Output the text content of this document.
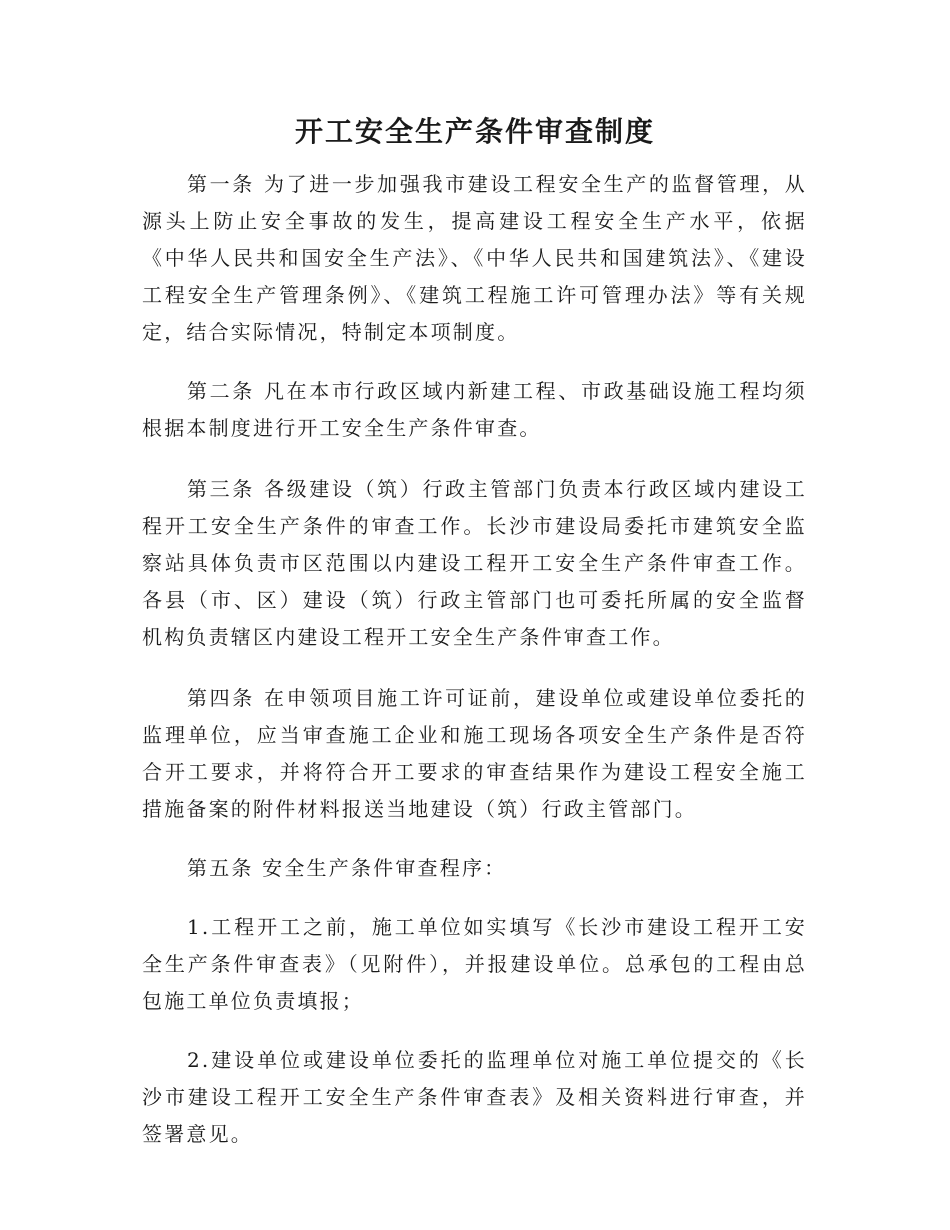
开工安全生产条件审查制度

第一条 为了进一步加强我市建设工程安全生产的监督管理，从源头上防止安全事故的发生，提高建设工程安全生产水平，依据《中华人民共和国安全生产法》、《中华人民共和国建筑法》、《建设工程安全生产管理条例》、《建筑工程施工许可管理办法》等有关规定，结合实际情况，特制定本项制度。

第二条 凡在本市行政区域内新建工程、市政基础设施工程均须根据本制度进行开工安全生产条件审查。

第三条 各级建设（筑）行政主管部门负责本行政区域内建设工程开工安全生产条件的审查工作。长沙市建设局委托市建筑安全监察站具体负责市区范围以内建设工程开工安全生产条件审查工作。各县（市、区）建设（筑）行政主管部门也可委托所属的安全监督机构负责辖区内建设工程开工安全生产条件审查工作。

第四条 在申领项目施工许可证前，建设单位或建设单位委托的监理单位，应当审查施工企业和施工现场各项安全生产条件是否符合开工要求，并将符合开工要求的审查结果作为建设工程安全施工措施备案的附件材料报送当地建设（筑）行政主管部门。

第五条 安全生产条件审查程序：

1.工程开工之前，施工单位如实填写《长沙市建设工程开工安全生产条件审查表》（见附件），并报建设单位。总承包的工程由总包施工单位负责填报；

2.建设单位或建设单位委托的监理单位对施工单位提交的《长沙市建设工程开工安全生产条件审查表》及相关资料进行审查，并签署意见。
